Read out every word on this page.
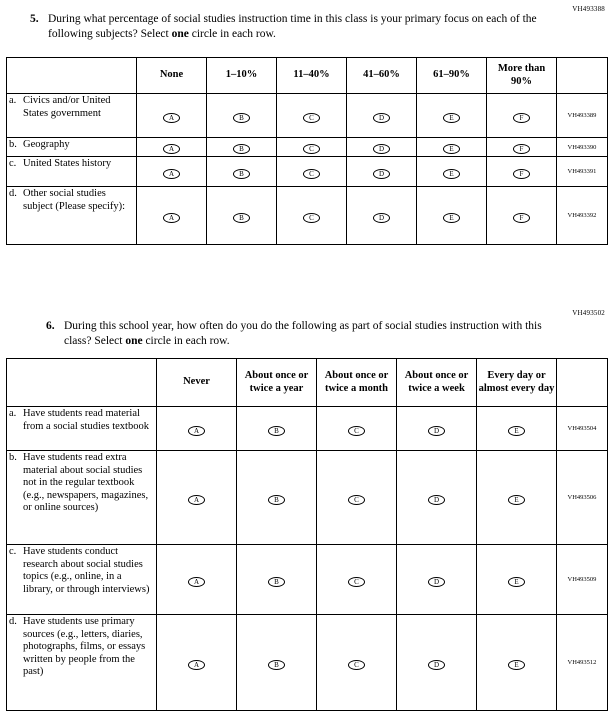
VH493388
5. During what percentage of social studies instruction time in this class is your primary focus on each of the following subjects? Select one circle in each row.
	None	1–10%	11–40%	41–60%	61–90%	More than 90%	

a. Civics and/or United States government	A	B	C	D	E	F	VH493389

b. Geography	A	B	C	D	E	F	VH493390

c. United States history	A	B	C	D	E	F	VH493391

d. Other social studies subject (Please specify):	A	B	C	D	E	F	VH493392
VH493502
6. During this school year, how often do you do the following as part of social studies instruction with this class? Select one circle in each row.
	Never	About once or twice a year	About once or twice a month	About once or twice a week	Every day or almost every day	

a. Have students read material from a social studies textbook	A	B	C	D	E	VH493504

b. Have students read extra material about social studies not in the regular textbook (e.g., newspapers, magazines, or online sources)	A	B	C	D	E	VH493506

c. Have students conduct research about social studies topics (e.g., online, in a library, or through interviews)	A	B	C	D	E	VH493509

d. Have students use primary sources (e.g., letters, diaries, photographs, films, or essays written by people from the past)	A	B	C	D	E	VH493512
